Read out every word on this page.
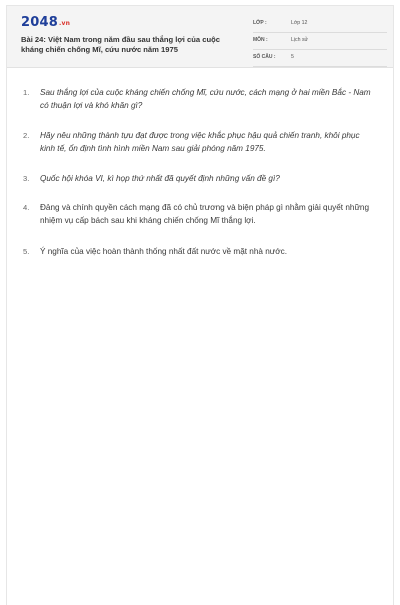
2048.vn
Bài 24: Việt Nam trong năm đầu sau thắng lợi của cuộc kháng chiến chống Mĩ, cứu nước năm 1975
LỚP :	Lớp 12
MÔN :	Lịch sử
SỐ CÂU :	5
1. Sau thắng lợi của cuộc kháng chiến chống Mĩ, cứu nước, cách mạng ở hai miền Bắc - Nam có thuận lợi và khó khăn gì?
2. Hãy nêu những thành tựu đạt được trong việc khắc phục hậu quả chiến tranh, khôi phục kinh tế, ổn định tình hình miền Nam sau giải phóng năm 1975.
3. Quốc hội khóa VI, kì họp thứ nhất đã quyết định những vấn đề gì?
4. Đảng và chính quyền cách mạng đã có chủ trương và biện pháp gì nhằm giải quyết những nhiệm vụ cấp bách sau khi kháng chiến chống Mĩ thắng lợi.
5. Ý nghĩa của việc hoàn thành thống nhất đất nước về mặt nhà nước.
